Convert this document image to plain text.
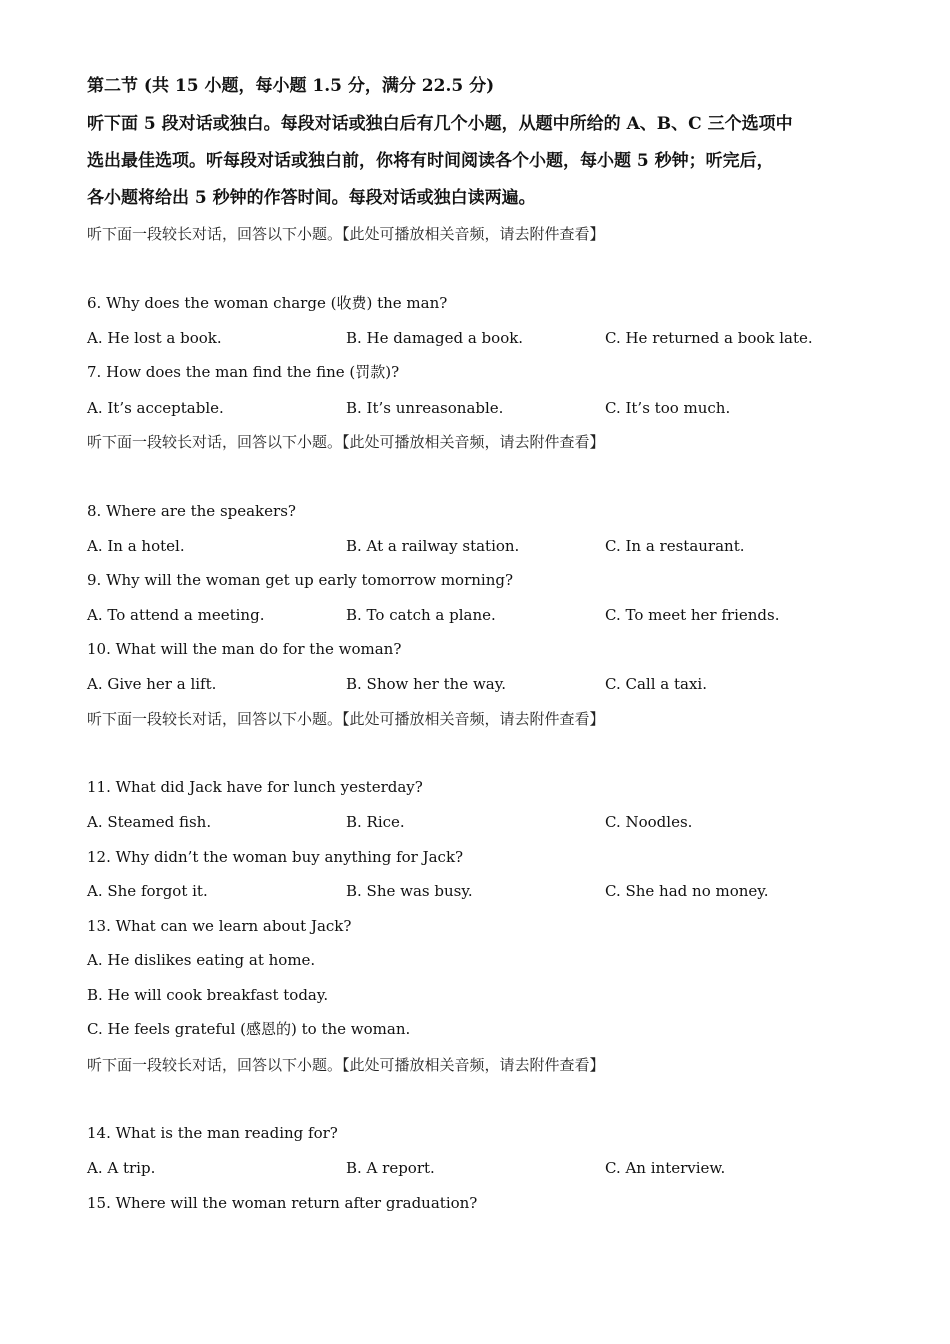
第二节 (共 15 小题，每小题 1.5 分，满分 22.5 分)
听下面 5 段对话或独白。每段对话或独白后有几个小题，从题中所给的 A、B、C 三个选项中
选出最佳选项。听每段对话或独白前，你将有时间阅读各个小题，每小题 5 秒钟；听完后，
各小题将给出 5 秒钟的作答时间。每段对话或独白读两遍。
听下面一段较长对话，回答以下小题。【此处可播放相关音频，请去附件查看】
6. Why does the woman charge (收费) the man?
A. He lost a book.	B. He damaged a book.	C. He returned a book late.
7. How does the man find the fine (罚款)?
A. It’s acceptable.	B. It’s unreasonable.	C. It’s too much.
听下面一段较长对话，回答以下小题。【此处可播放相关音频，请去附件查看】
8. Where are the speakers?
A. In a hotel.	B. At a railway station.	C. In a restaurant.
9. Why will the woman get up early tomorrow morning?
A. To attend a meeting.	B. To catch a plane.	C. To meet her friends.
10. What will the man do for the woman?
A. Give her a lift.	B. Show her the way.	C. Call a taxi.
听下面一段较长对话，回答以下小题。【此处可播放相关音频，请去附件查看】
11. What did Jack have for lunch yesterday?
A. Steamed fish.	B. Rice.	C. Noodles.
12. Why didn’t the woman buy anything for Jack?
A. She forgot it.	B. She was busy.	C. She had no money.
13. What can we learn about Jack?
A. He dislikes eating at home.
B. He will cook breakfast today.
C. He feels grateful (感恩的) to the woman.
听下面一段较长对话，回答以下小题。【此处可播放相关音频，请去附件查看】
14. What is the man reading for?
A. A trip.	B. A report.	C. An interview.
15. Where will the woman return after graduation?
